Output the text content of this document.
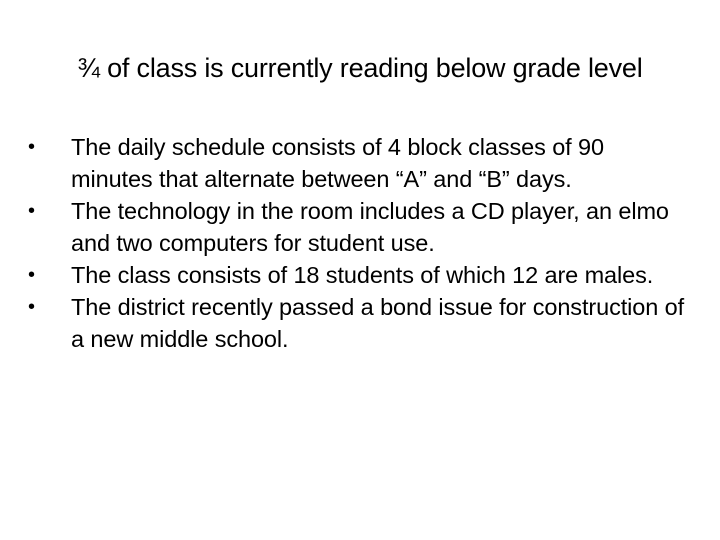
¾ of class is currently reading below grade level
•	The daily schedule consists of 4 block classes of 90 minutes that alternate between “A” and “B” days.
•	The technology in the room includes a CD player, an elmo and two computers for student use.
•	The class consists of 18 students of which 12 are males.
•	The district recently passed a bond issue for construction of a new middle school.
